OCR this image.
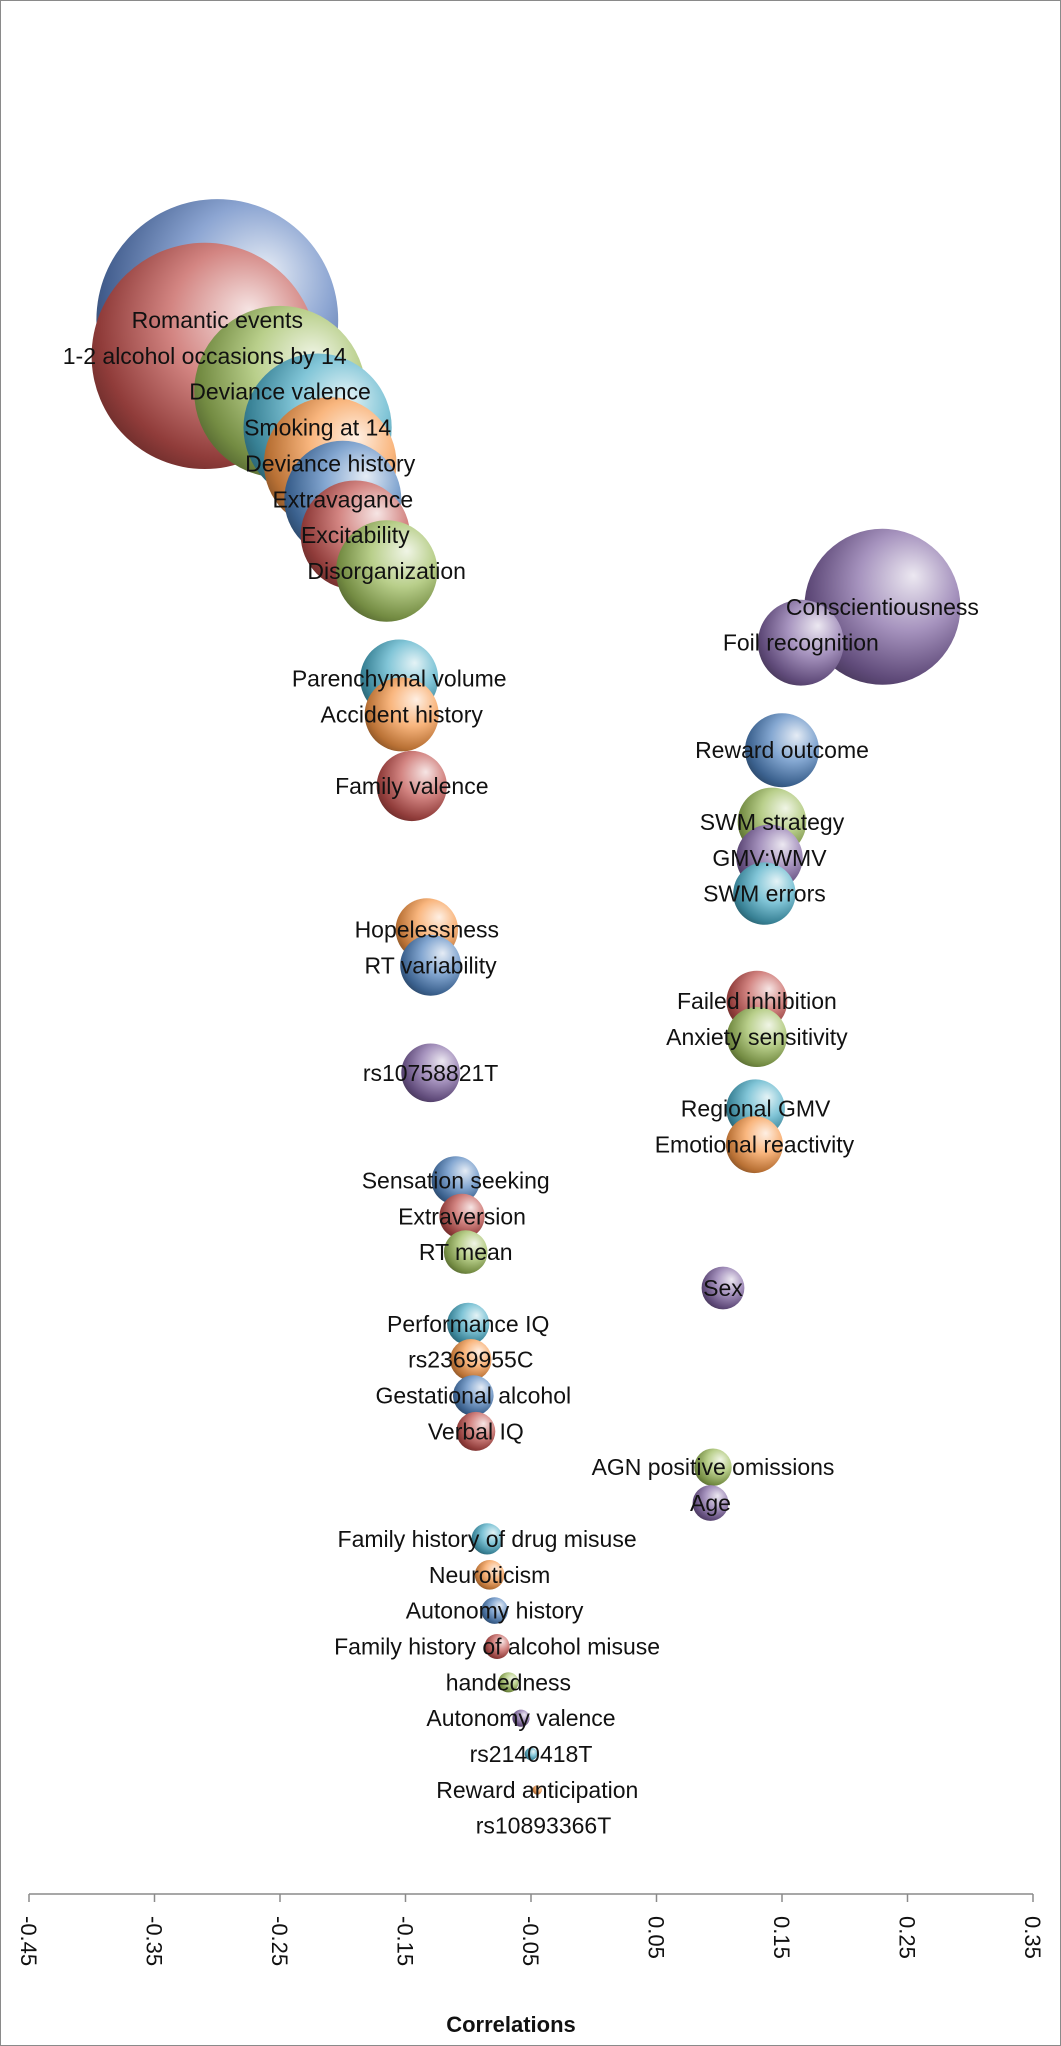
Romantic events
1-2 alcohol occasions by 14
Deviance valence
Smoking at 14
Deviance history
Extravagance
Excitability
Disorganization
Conscientiousness
Foil recognition
Parenchymal volume
Accident history
Reward outcome
Family valence
SWM strategy
GMV:WMV
SWM errors
Hopelessness
RT variability
Failed inhibition
Anxiety sensitivity
rs10758821T
Regional GMV
Emotional reactivity
Sensation seeking
Extraversion
RT mean
Sex
Performance IQ
rs2369955C
Gestational alcohol
Verbal IQ
AGN positive omissions
Age
Family history of drug misuse
Neuroticism
Autonomy history
Family history of alcohol misuse
handedness
Autonomy valence
rs2140418T
Reward anticipation
rs10893366T
-0.45	-0.35	-0.25	-0.15	-0.05	0.05	0.15	0.25	0.35
Correlations
